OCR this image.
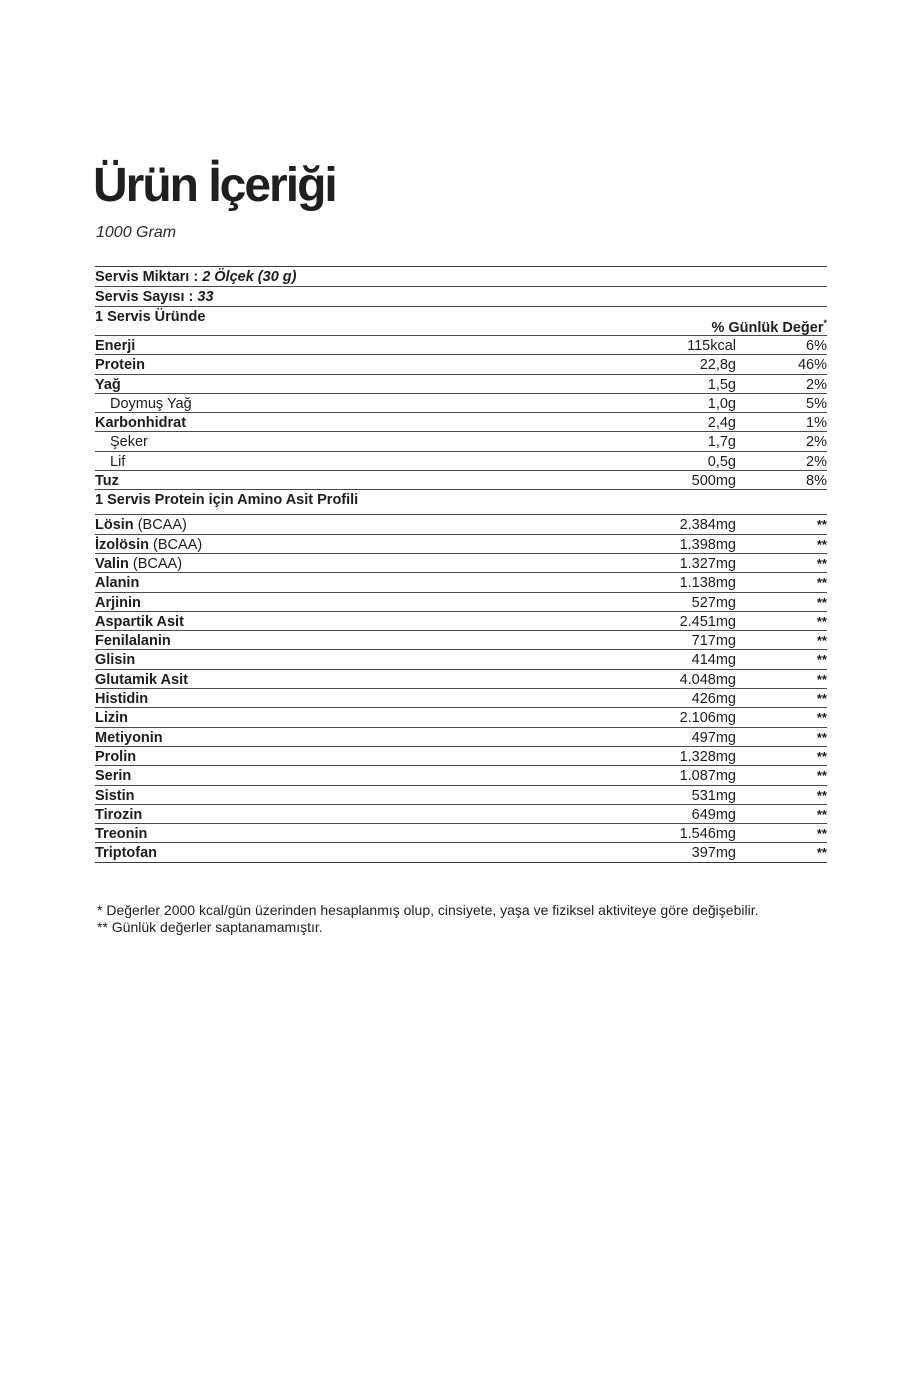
Ürün İçeriği

1000 Gram

Servis Miktarı : 2 Ölçek (30 g)
Servis Sayısı : 33
1 Servis Üründe
% Günlük Değer*
Enerji	115kcal	6%
Protein	22,8g	46%
Yağ	1,5g	2%
Doymuş Yağ	1,0g	5%
Karbonhidrat	2,4g	1%
Şeker	1,7g	2%
Lif	0,5g	2%
Tuz	500mg	8%
1 Servis Protein için Amino Asit Profili
Lösin (BCAA)	2.384mg	**
İzolösin (BCAA)	1.398mg	**
Valin (BCAA)	1.327mg	**
Alanin	1.138mg	**
Arjinin	527mg	**
Aspartik Asit	2.451mg	**
Fenilalanin	717mg	**
Glisin	414mg	**
Glutamik Asit	4.048mg	**
Histidin	426mg	**
Lizin	2.106mg	**
Metiyonin	497mg	**
Prolin	1.328mg	**
Serin	1.087mg	**
Sistin	531mg	**
Tirozin	649mg	**
Treonin	1.546mg	**
Triptofan	397mg	**
* Değerler 2000 kcal/gün üzerinden hesaplanmış olup, cinsiyete, yaşa ve fiziksel aktiviteye göre değişebilir.
** Günlük değerler saptanamamıştır.
